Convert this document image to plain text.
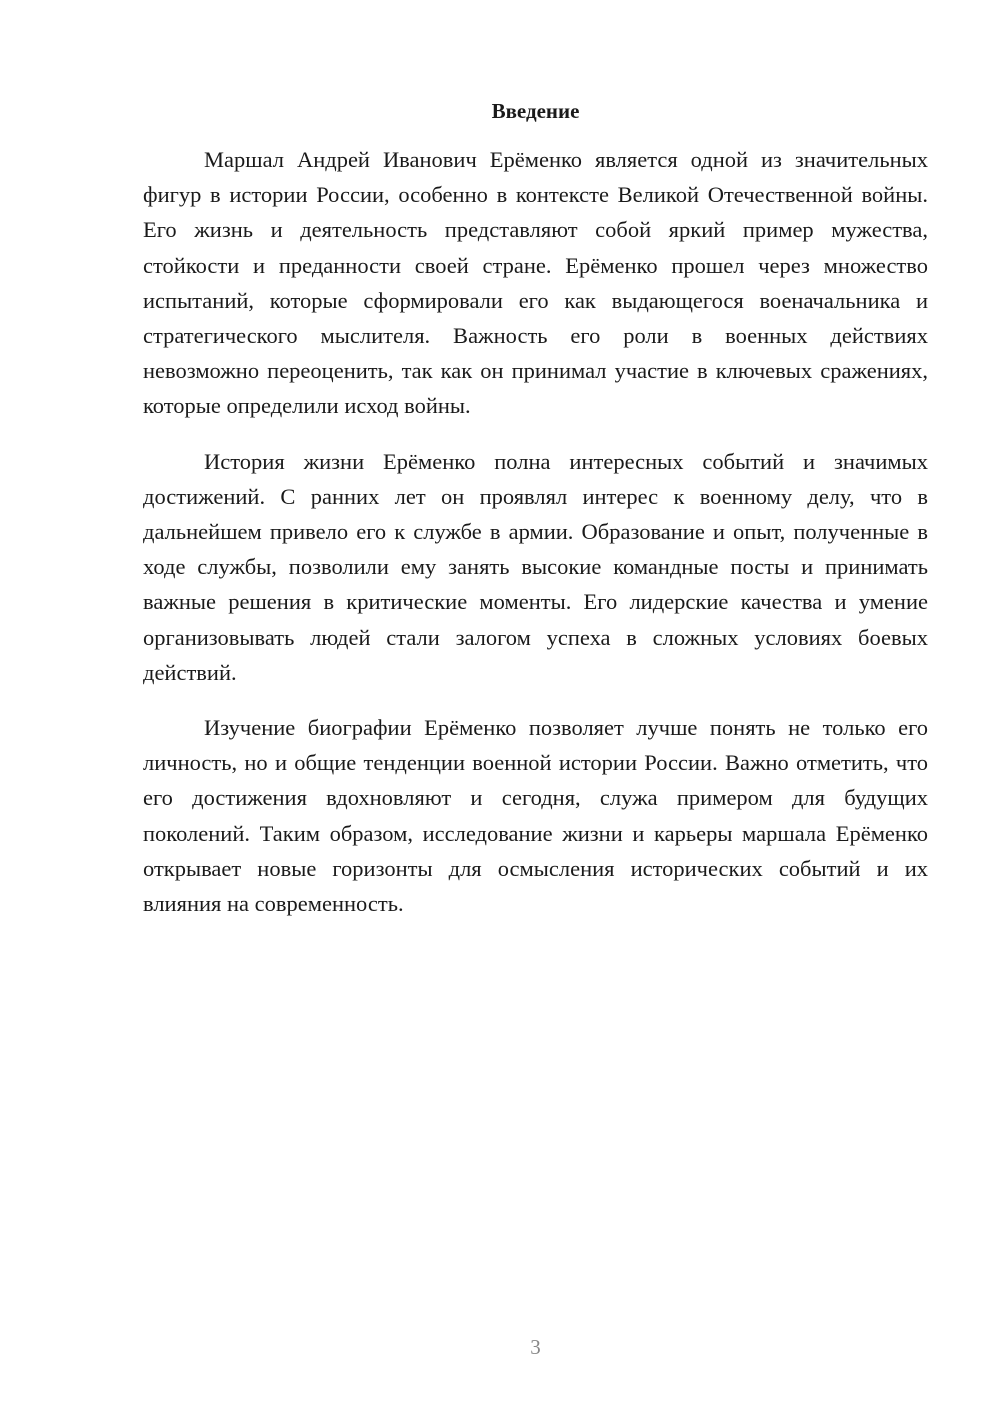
Введение

Маршал Андрей Иванович Ерёменко является одной из значительных фигур в истории России, особенно в контексте Великой Отечественной войны. Его жизнь и деятельность представляют собой яркий пример мужества, стойкости и преданности своей стране. Ерёменко прошел через множество испытаний, которые сформировали его как выдающегося военачальника и стратегического мыслителя. Важность его роли в военных действиях невозможно переоценить, так как он принимал участие в ключевых сражениях, которые определили исход войны.

История жизни Ерёменко полна интересных событий и значимых достижений. С ранних лет он проявлял интерес к военному делу, что в дальнейшем привело его к службе в армии. Образование и опыт, полученные в ходе службы, позволили ему занять высокие командные посты и принимать важные решения в критические моменты. Его лидерские качества и умение организовывать людей стали залогом успеха в сложных условиях боевых действий.

Изучение биографии Ерёменко позволяет лучше понять не только его личность, но и общие тенденции военной истории России. Важно отметить, что его достижения вдохновляют и сегодня, служа примером для будущих поколений. Таким образом, исследование жизни и карьеры маршала Ерёменко открывает новые горизонты для осмысления исторических событий и их влияния на современность.

3
